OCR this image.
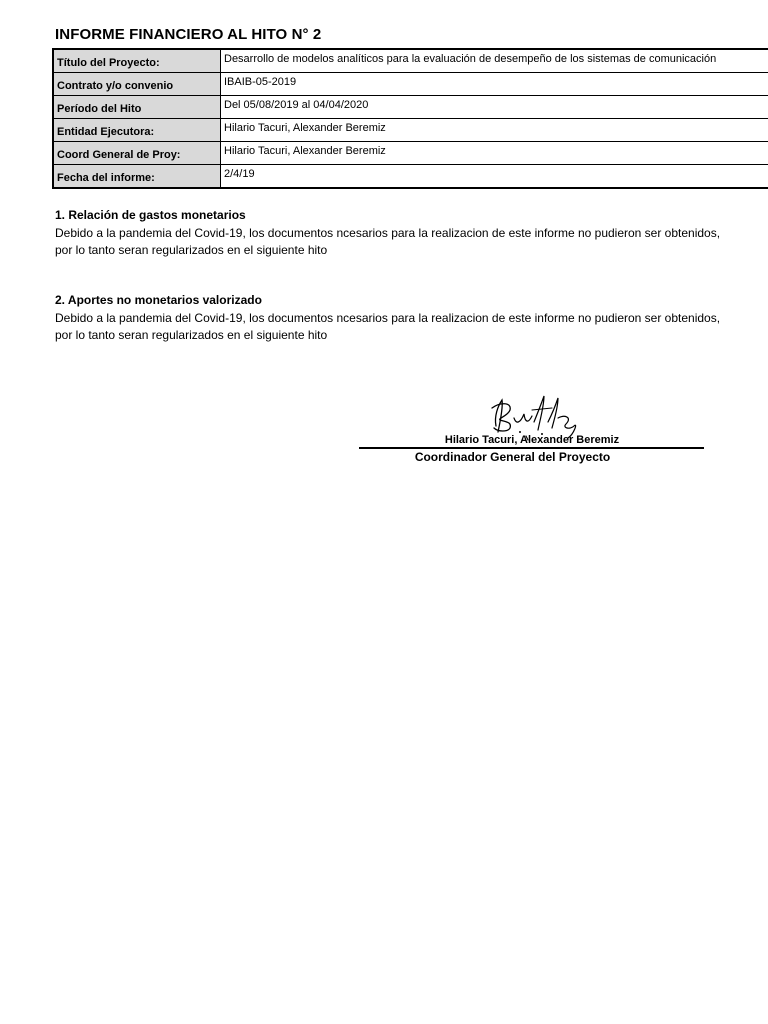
INFORME FINANCIERO AL HITO N° 2
Título del Proyecto:	Desarrollo de modelos analíticos para la evaluación de desempeño de los sistemas de comunicación
Contrato y/o convenio	IBAIB-05-2019
Período del Hito	Del 05/08/2019 al 04/04/2020
Entidad Ejecutora:	Hilario Tacuri, Alexander Beremiz
Coord General de Proy:	Hilario Tacuri, Alexander Beremiz
Fecha del informe:	2/4/19
1. Relación de gastos monetarios
Debido a la pandemia del Covid-19, los documentos ncesarios para la realizacion de este informe no pudieron ser obtenidos,
por lo tanto seran regularizados en el siguiente hito
2. Aportes no monetarios valorizado
Debido a la pandemia del Covid-19, los documentos ncesarios para la realizacion de este informe no pudieron ser obtenidos,
por lo tanto seran regularizados en el siguiente hito
Hilario Tacuri, Alexander Beremiz
Coordinador General del Proyecto
